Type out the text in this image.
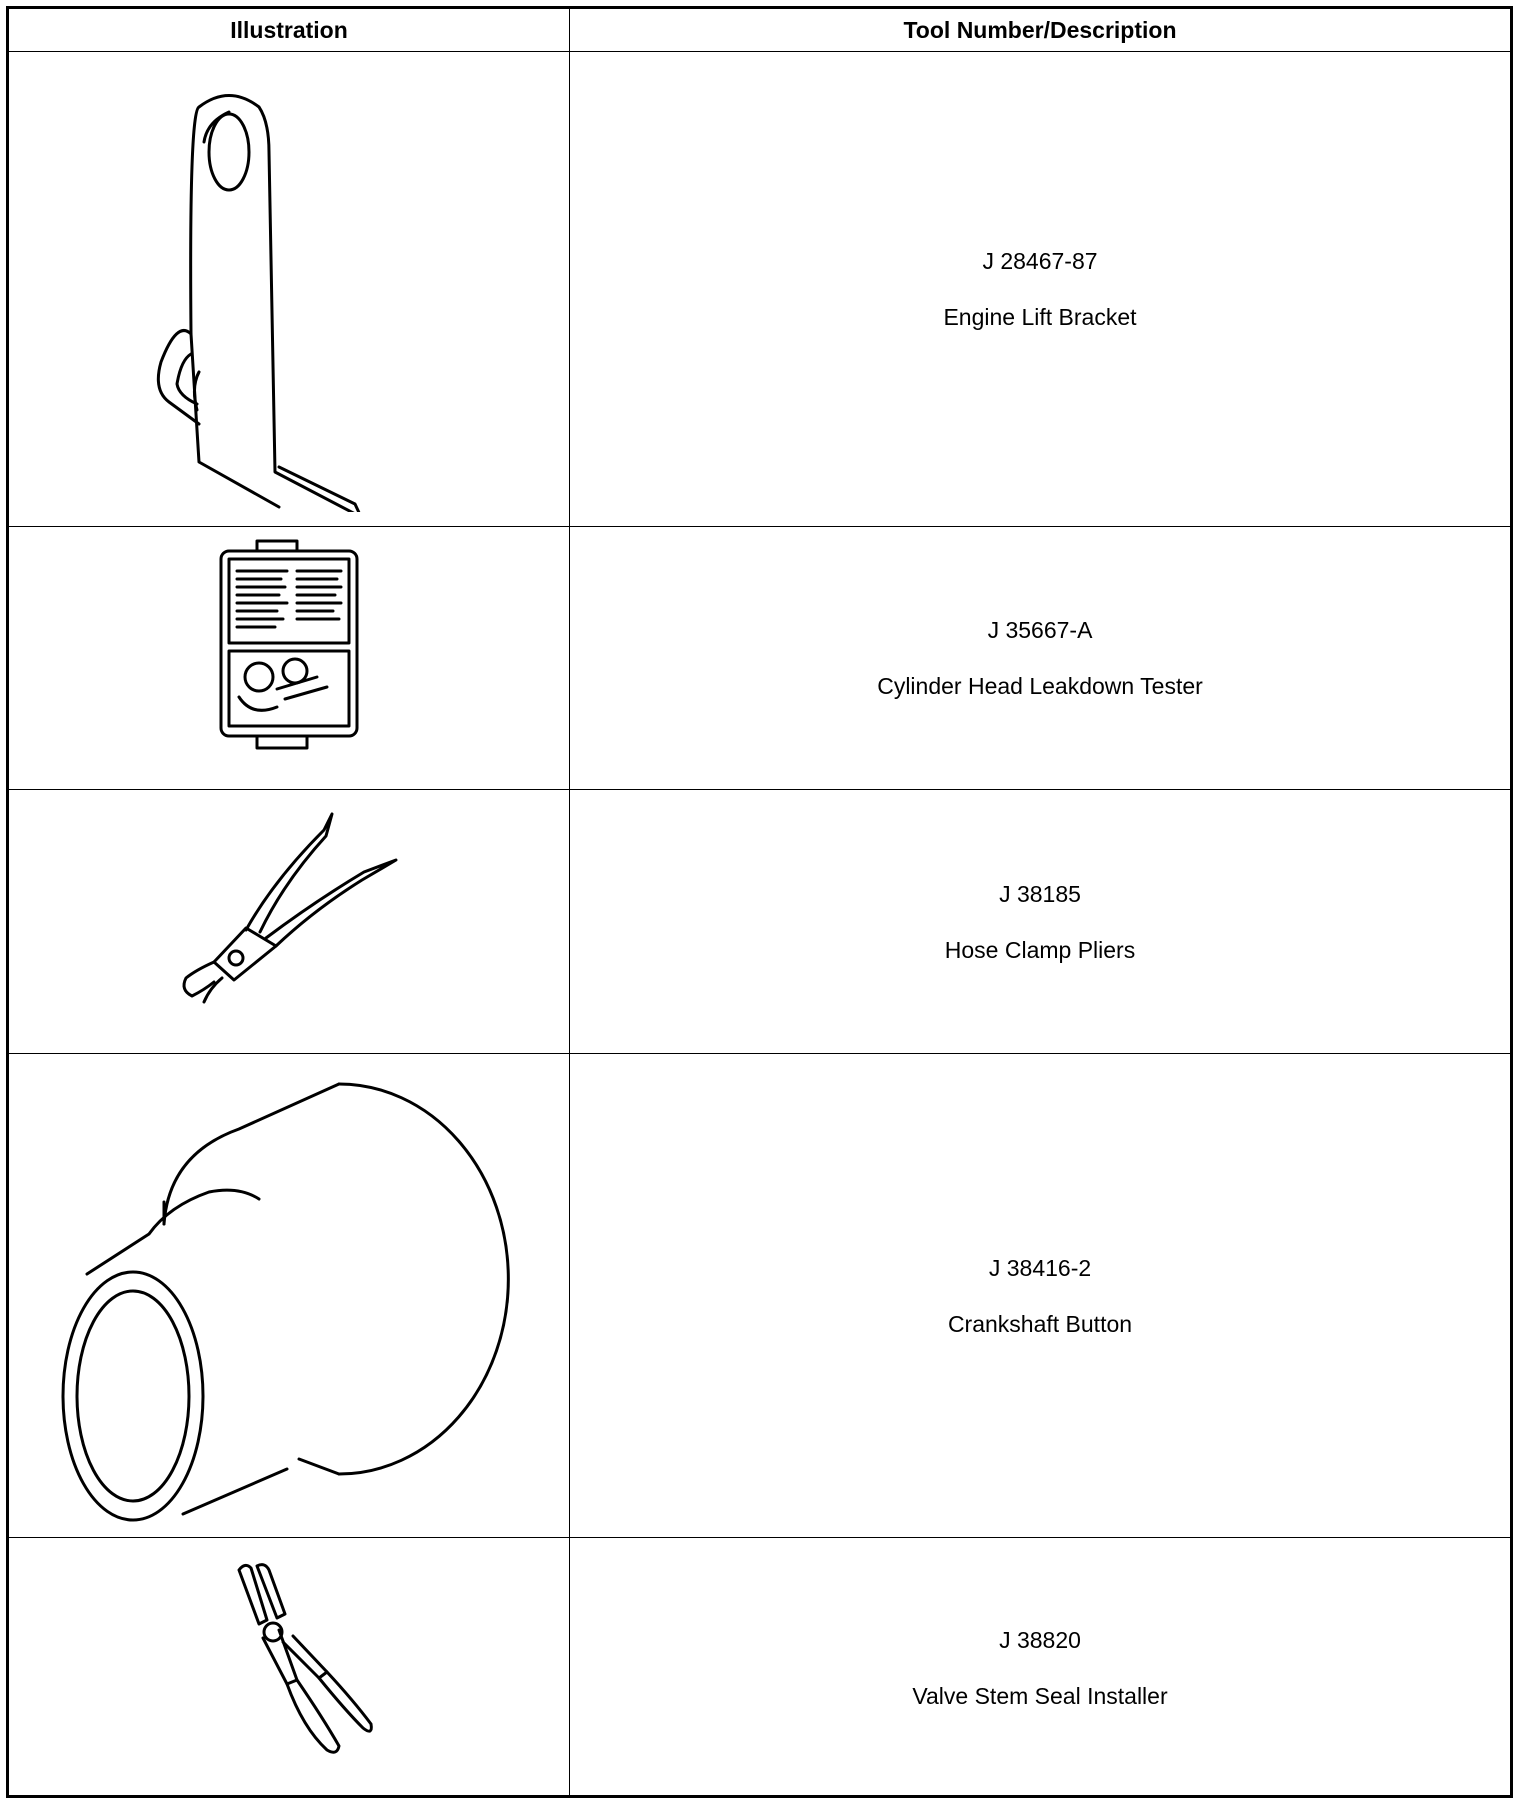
Illustration	Tool Number/Description
J 28467-87
Engine Lift Bracket
J 35667-A
Cylinder Head Leakdown Tester
J 38185
Hose Clamp Pliers
J 38416-2
Crankshaft Button
J 38820
Valve Stem Seal Installer
